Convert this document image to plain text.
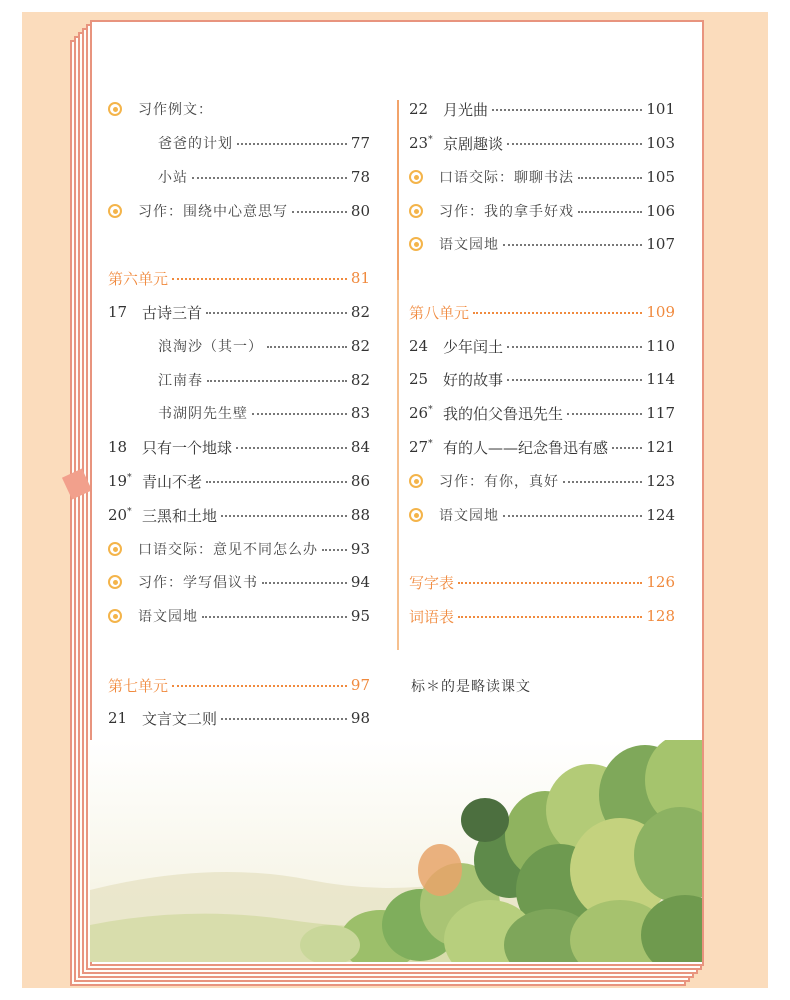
习作例文：
爸爸的计划	77
小站	78
习作：围绕中心意思写	80
第六单元	81
17 古诗三首	82
浪淘沙（其一）	82
江南春	82
书湖阴先生壁	83
18 只有一个地球	84
19* 青山不老	86
20* 三黑和土地	88
口语交际：意见不同怎么办 93
习作：学写倡议书	94
语文园地	95
第七单元	97
21 文言文二则	98
22 月光曲	101
23* 京剧趣谈	103
口语交际：聊聊书法	105
习作：我的拿手好戏	106
语文园地	107
第八单元	109
24 少年闰土	110
25 好的故事	114
26* 我的伯父鲁迅先生	117
27* 有的人——纪念鲁迅有感	121
习作：有你，真好	123
语文园地	124
写字表	126
词语表	128
标＊的是略读课文
